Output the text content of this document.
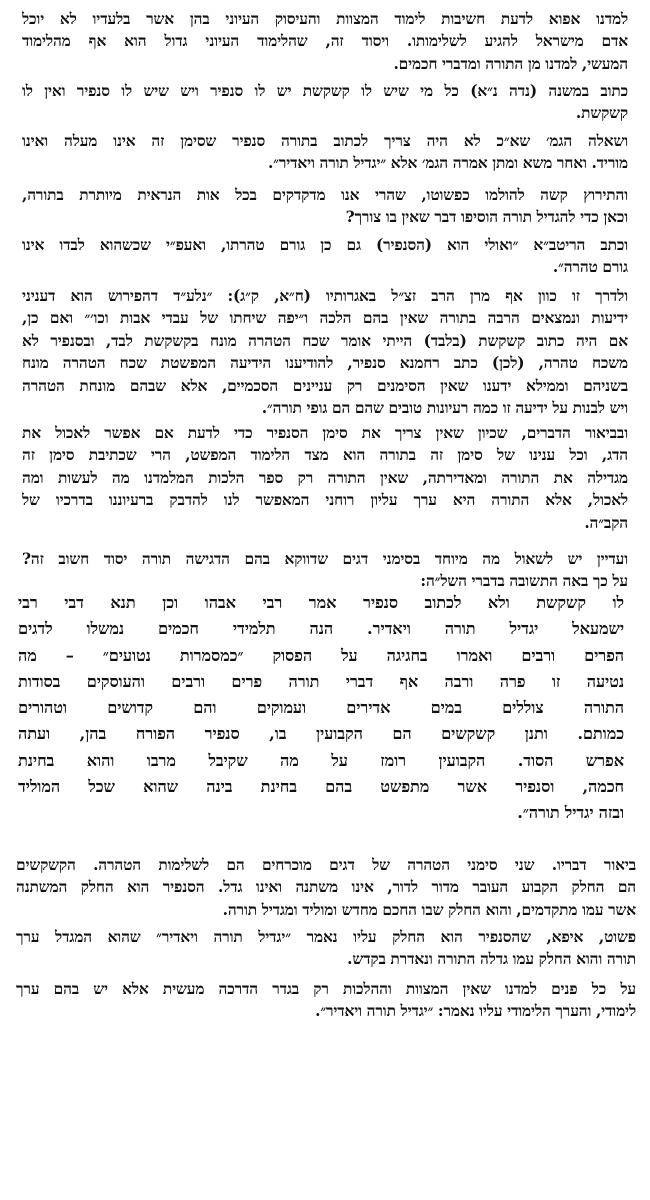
למדנו אפוא לדעת חשיבות לימוד המצוות והעיסוק העיוני בהן אשר בלעדיו לא יוכל
אדם מישראל להגיע לשלימותו. ויסוד זה, שהלימוד העיוני גדול הוא אף מהלימוד
המעשי, למדנו מן התורה ומדברי חכמים.
כתוב במשנה (נדה נ״א) כל מי שיש לו קשקשת יש לו סנפיר ויש שיש לו סנפיר ואין לו
קשקשת.
ושאלה הגמ׳ שא״כ לא היה צריך לכתוב בתורה סנפיר שסימן זה אינו מעלה ואינו
מוריד. ואחר משא ומתן אמרה הגמ׳ אלא ״יגדיל תורה ויאדיר״.
והתירוץ קשה להולמו כפשוטו, שהרי אנו מדקדקים בכל אות הנראית מיותרת בתורה,
וכאן כדי להגדיל תורה הוסיפו דבר שאין בו צורך?
וכתב הריטב״א ״ואולי הוא (הסנפיר) גם כן גורם טהרתו, ואעפ״י שכשהוא לבדו אינו
גורם טהרה״.
ולדרך זו כוון אף מרן הרב זצ״ל באגרותיו (ח״א, ק״ג): ״נלע״ד דהפירוש הוא דעניני
ידיעות ונמצאים הרבה בתורה שאין בהם הלכה ו״יפה שיחתו של עבדי אבות וכו׳״ ואם כן,
אם היה כתוב קשקשת (בלבד) הייתי אומר שכח הטהרה מונח בקשקשת לבד, ובסנפיר לא
משכח טהרה, (לכן) כתב רחמנא סנפיר, להודיענו הידיעה המפשטת שכח הטהרה מונח
בשניהם וממילא ידענו שאין הסימנים רק עניינים הסכמיים, אלא שבהם מונחת הטהרה
ויש לבנות על ידיעה זו כמה רעיונות טובים שהם הם גופי תורה״.
ובביאור הדברים, שכיון שאין צריך את סימן הסנפיר כדי לדעת אם אפשר לאכול את
הדג, וכל ענינו של סימן זה בתורה הוא מצד הלימוד המפשט, הרי שכתיבת סימן זה
מגדילה את התורה ומאדירתה, שאין התורה רק ספר הלכות המלמדנו מה לעשות ומה
לאכול, אלא התורה היא ערך עליון רוחני המאפשר לנו להדבק ברעיוננו בדרכיו של
הקב״ה.
ועדיין יש לשאול מה מיוחד בסימני דגים שדווקא בהם הדגישה תורה יסוד חשוב זה?
על כך באה התשובה בדברי השל״ה:
לו קשקשת ולא לכתוב סנפיר אמר רבי אבהו וכן תנא דבי רבי
ישמעאל יגדיל תורה ויאדיר. הנה תלמידי חכמים נמשלו לדגים
הפרים ורבים ואמרו בחגיגה על הפסוק ״כמסמרות נטועים״ – מה
נטיעה זו פרה ורבה אף דברי תורה פרים ורבים והעוסקים בסודות
התורה צוללים במים אדירים ועמוקים והם קדושים וטהורים
כמותם. ותנן קשקשים הם הקבועין בו, סנפיר הפורח בהן, ועתה
אפרש הסוד. הקבועין רומז על מה שקיבל מרבו והוא בחינת
חכמה, וסנפיר אשר מתפשט בהם בחינת בינה שהוא שכל המוליד
ובזה יגדיל תורה״.
ביאור דבריו. שני סימני הטהרה של דגים מוכרחים הם לשלימות הטהרה. הקשקשים
הם החלק הקבוע העובר מדור לדור, אינו משתנה ואינו גדל. הסנפיר הוא החלק המשתנה
אשר עמו מתקדמים, והוא החלק שבו החכם מחדש ומוליד ומגדיל תורה.
פשוט, איפא, שהסנפיר הוא החלק עליו נאמר ״יגדיל תורה ויאדיר״ שהוא המגדל ערך
תורה והוא החלק עמו גדלה התורה ונאדרת בקדש.
על כל פנים למדנו שאין המצוות וההלכות רק בגדר הדרכה מעשית אלא יש בהם ערך
לימודי, והערך הלימודי עליו נאמר: ״יגדיל תורה ויאדיר״.
